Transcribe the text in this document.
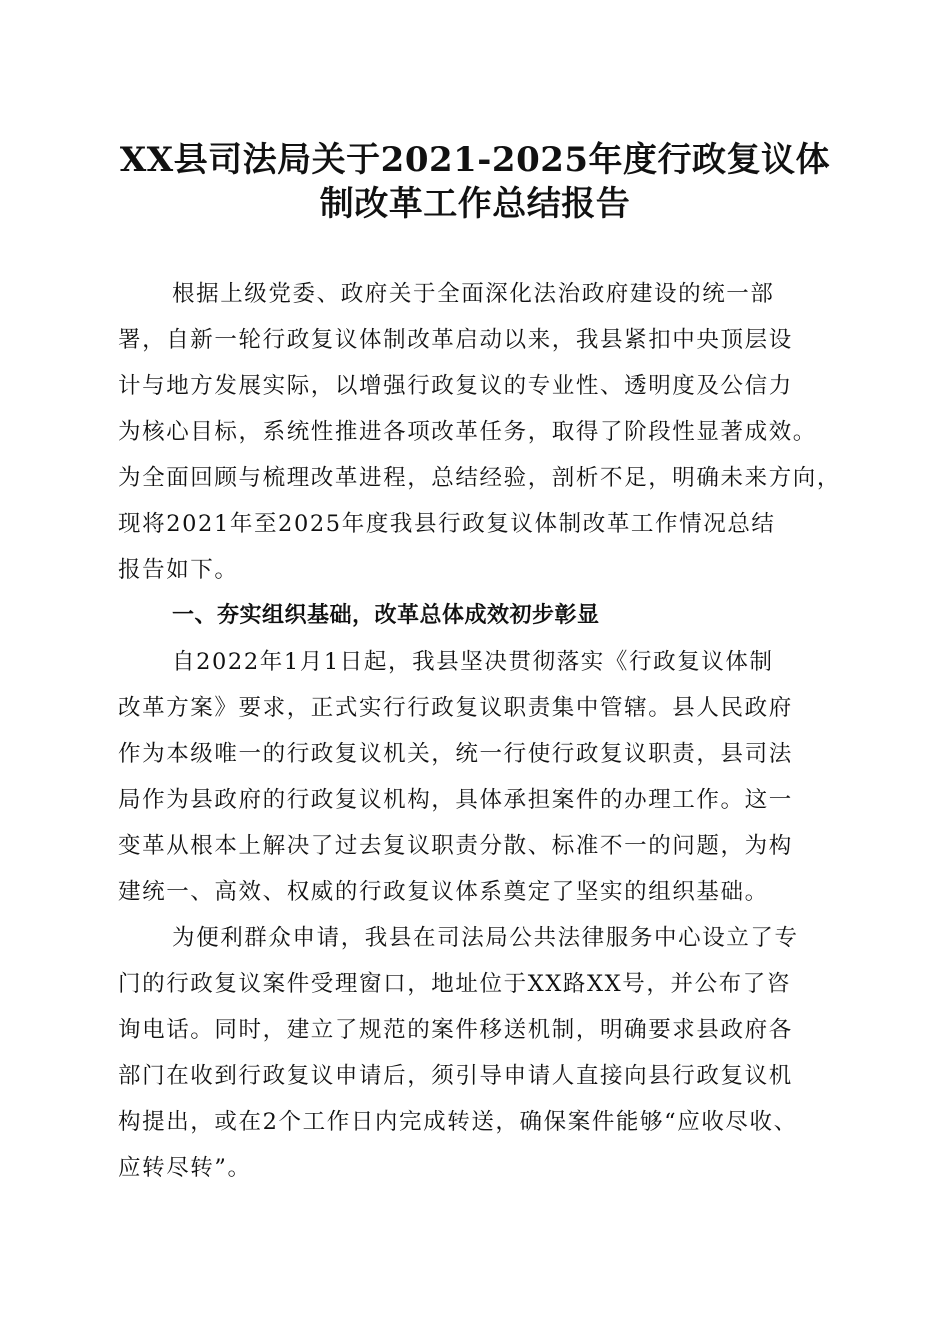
XX县司法局关于2021-2025年度行政复议体
制改革工作总结报告
根据上级党委、政府关于全面深化法治政府建设的统一部
署，自新一轮行政复议体制改革启动以来，我县紧扣中央顶层设
计与地方发展实际，以增强行政复议的专业性、透明度及公信力
为核心目标，系统性推进各项改革任务，取得了阶段性显著成效。
为全面回顾与梳理改革进程，总结经验，剖析不足，明确未来方向，
现将2021年至2025年度我县行政复议体制改革工作情况总结
报告如下。
一、夯实组织基础，改革总体成效初步彰显
自2022年1月1日起，我县坚决贯彻落实《行政复议体制
改革方案》要求，正式实行行政复议职责集中管辖。县人民政府
作为本级唯一的行政复议机关，统一行使行政复议职责，县司法
局作为县政府的行政复议机构，具体承担案件的办理工作。这一
变革从根本上解决了过去复议职责分散、标准不一的问题，为构
建统一、高效、权威的行政复议体系奠定了坚实的组织基础。
为便利群众申请，我县在司法局公共法律服务中心设立了专
门的行政复议案件受理窗口，地址位于XX路XX号，并公布了咨
询电话。同时，建立了规范的案件移送机制，明确要求县政府各
部门在收到行政复议申请后，须引导申请人直接向县行政复议机
构提出，或在2个工作日内完成转送，确保案件能够“应收尽收、
应转尽转”。
